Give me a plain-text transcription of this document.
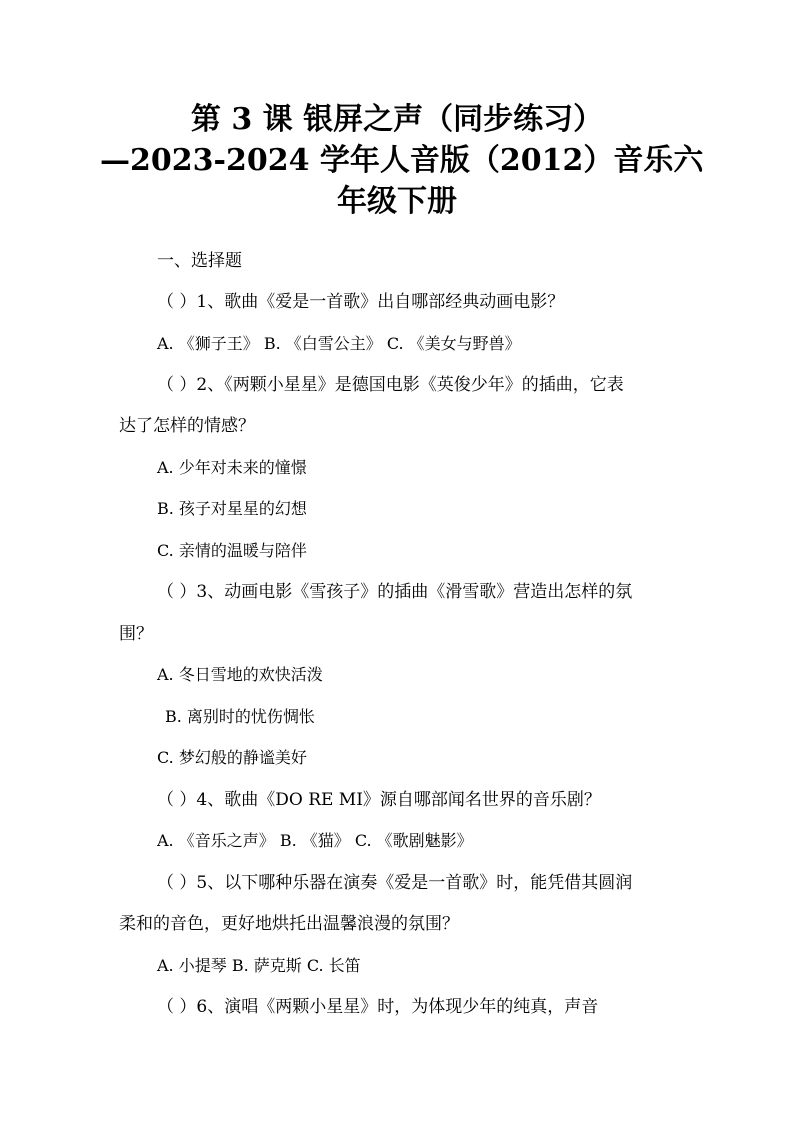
第 3 课 银屏之声（同步练习）
—2023-2024 学年人音版（2012）音乐六
年级下册
一、选择题
（ ）1、歌曲《爱是一首歌》出自哪部经典动画电影？
A. 《狮子王》 B. 《白雪公主》 C. 《美女与野兽》
（ ）2、《两颗小星星》是德国电影《英俊少年》的插曲，它表
达了怎样的情感？
A. 少年对未来的憧憬
B. 孩子对星星的幻想
C. 亲情的温暖与陪伴
（ ）3、动画电影《雪孩子》的插曲《滑雪歌》营造出怎样的氛
围？
A. 冬日雪地的欢快活泼
B. 离别时的忧伤惆怅
C. 梦幻般的静谧美好
（ ）4、歌曲《DO RE MI》源自哪部闻名世界的音乐剧？
A. 《音乐之声》 B. 《猫》 C. 《歌剧魅影》
（ ）5、以下哪种乐器在演奏《爱是一首歌》时，能凭借其圆润
柔和的音色，更好地烘托出温馨浪漫的氛围？
A. 小提琴 B. 萨克斯 C. 长笛
（ ）6、演唱《两颗小星星》时，为体现少年的纯真，声音
